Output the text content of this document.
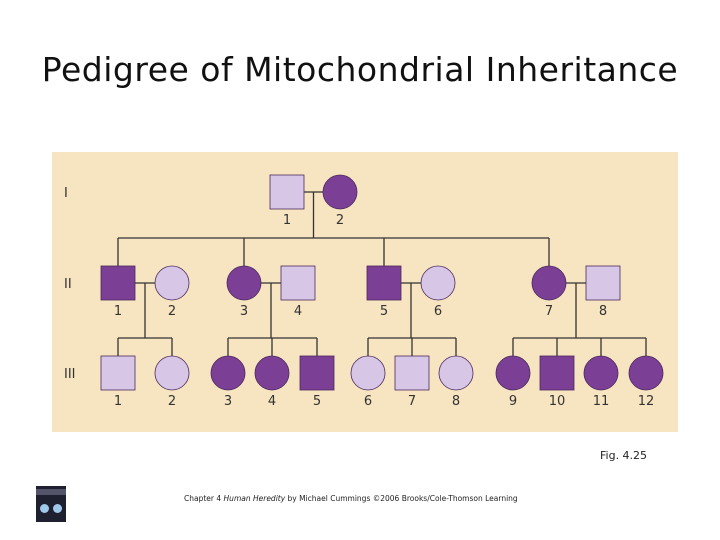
Pedigree of Mitochondrial Inheritance
I
II
III
1	2
1	2	3	4	5	6	7	8
1	2	3	4	5	6	7	8	9 10 11 12
Fig. 4.25
Chapter 4 Human Heredity by Michael Cummings ©2006 Brooks/Cole-Thomson Learning
